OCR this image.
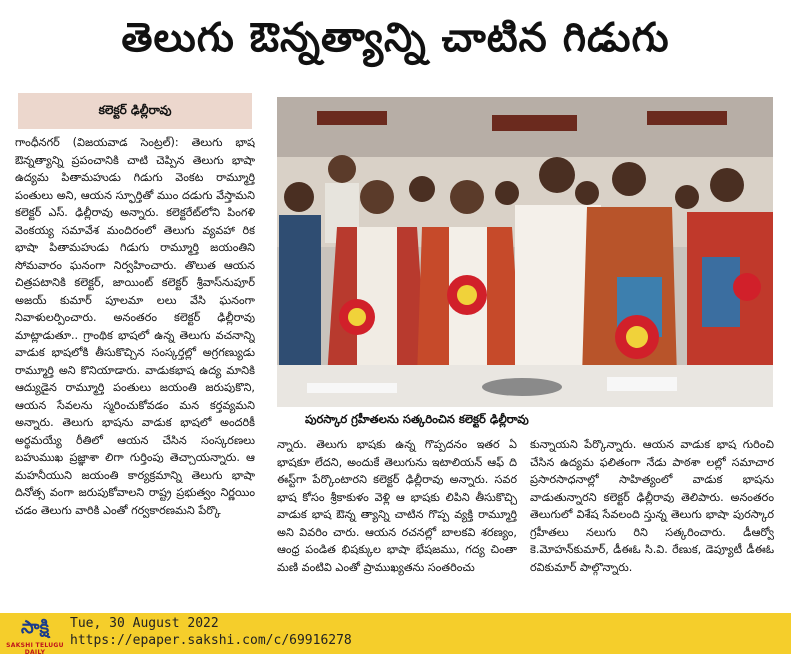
తెలుగు ఔన్నత్యాన్ని చాటిన గిడుగు
కలెక్టర్ ఢిల్లీరావు

గాంధీనగర్ (విజయవాడ సెంట్రల్): తెలుగు భాష ఔన్నత్యాన్ని ప్రపంచానికి చాటి చెప్పిన తెలుగు భాషా ఉద్యమ పితామహుడు గిడుగు వెంకట రామ్మూర్తి పంతులు అని, ఆయన స్ఫూర్తితో ముం దడుగు వేస్తామని కలెక్టర్ ఎస్. ఢిల్లీరావు అన్నారు. కలెక్టరేట్‌లోని పింగళి వెంకయ్య సమావేశ మందిరంలో తెలుగు వ్యవహా రిక భాషా పితామహుడు గిడుగు రామ్మూర్తి జయంతిని సోమవారం ఘనంగా నిర్వహించారు. తొలుత ఆయన చిత్రపటానికి కలెక్టర్, జాయింట్ కలెక్టర్ శ్రీవాస్‌నుపూర్ అజయ్ కుమార్ పూలమా లలు వేసి ఘనంగా నివాళులర్పించారు. అనంతరం కలెక్టర్ ఢిల్లీరావు మాట్లాడుతూ.. గ్రాంథిక భాషలో ఉన్న తెలుగు వచనాన్ని వాడుక భాషలోకి తీసుకొచ్చిన సంస్కర్తల్లో అగ్రగణ్యుడు రామ్మూర్తి అని కొనియాడారు. వాడుకభాష ఉద్య మానికి ఆద్యుడైన రామ్మూర్తి పంతులు జయంతి జరుపుకొని, ఆయన సేవలను స్మరించుకోవడం మన కర్తవ్యమని అన్నారు. తెలుగు భాషను వాడుక భాషలో అందరికీ అర్థమయ్యే రీతిలో ఆయన చేసిన సంస్కరణలు బహుముఖ ప్రజ్ఞాశా లిగా గుర్తింపు తెచ్చాయన్నారు. ఆ మహనీయుని జయంతి కార్యక్రమాన్ని తెలుగు భాషా దినోత్స వంగా జరుపుకోవాలని రాష్ట్ర ప్రభుత్వం నిర్ణయిం చడం తెలుగు వారికి ఎంతో గర్వకారణమని పేర్కొ

పురస్కార గ్రహీతలను సత్కరించిన కలెక్టర్ ఢిల్లీరావు

న్నారు. తెలుగు భాషకు ఉన్న గొప్పదనం ఇతర ఏ భాషకూ లేదని, అందుకే తెలుగును ఇటాలియన్ ఆఫ్ ది ఈస్ట్‌గా పేర్కొంటారని కలెక్టర్ ఢిల్లీరావు అన్నారు. సవర భాష కోసం శ్రీకాకుళం వెళ్లి ఆ భాషకు లిపిని తీసుకొచ్చి వాడుక భాష ఔన్న త్యాన్ని చాటిన గొప్ప వ్యక్తి రామ్మూర్తి అని వివరిం చారు. ఆయన రచనల్లో బాలకవి శరణ్యం, ఆంధ్ర పండిత భిషక్కుల భాషా భేషజము, గద్య చింతా మణి వంటివి ఎంతో ప్రాముఖ్యతను సంతరించు

కున్నాయని పేర్కొన్నారు. ఆయన వాడుక భాష గురించి చేసిన ఉద్యమ ఫలితంగా నేడు పాఠశా లల్లో సమాచార ప్రసారసాధనాల్లో సాహిత్యంలో వాడుక భాషను వాడుతున్నారని కలెక్టర్ ఢిల్లీరావు తెలిపారు. అనంతరం తెలుగులో విశేష సేవలంది స్తున్న తెలుగు భాషా పురస్కార గ్రహీతలు నలుగు రిని సత్కరించారు. డీఆర్వో కె.మోహన్‌కుమార్, డీఈఓ సి.వి. రేణుక, డెప్యూటీ డీఈఓ రవికుమార్ పాల్గొన్నారు.

సాక్షి
SAKSHI TELUGU DAILY
Tue, 30 August 2022
https://epaper.sakshi.com/c/69916278
